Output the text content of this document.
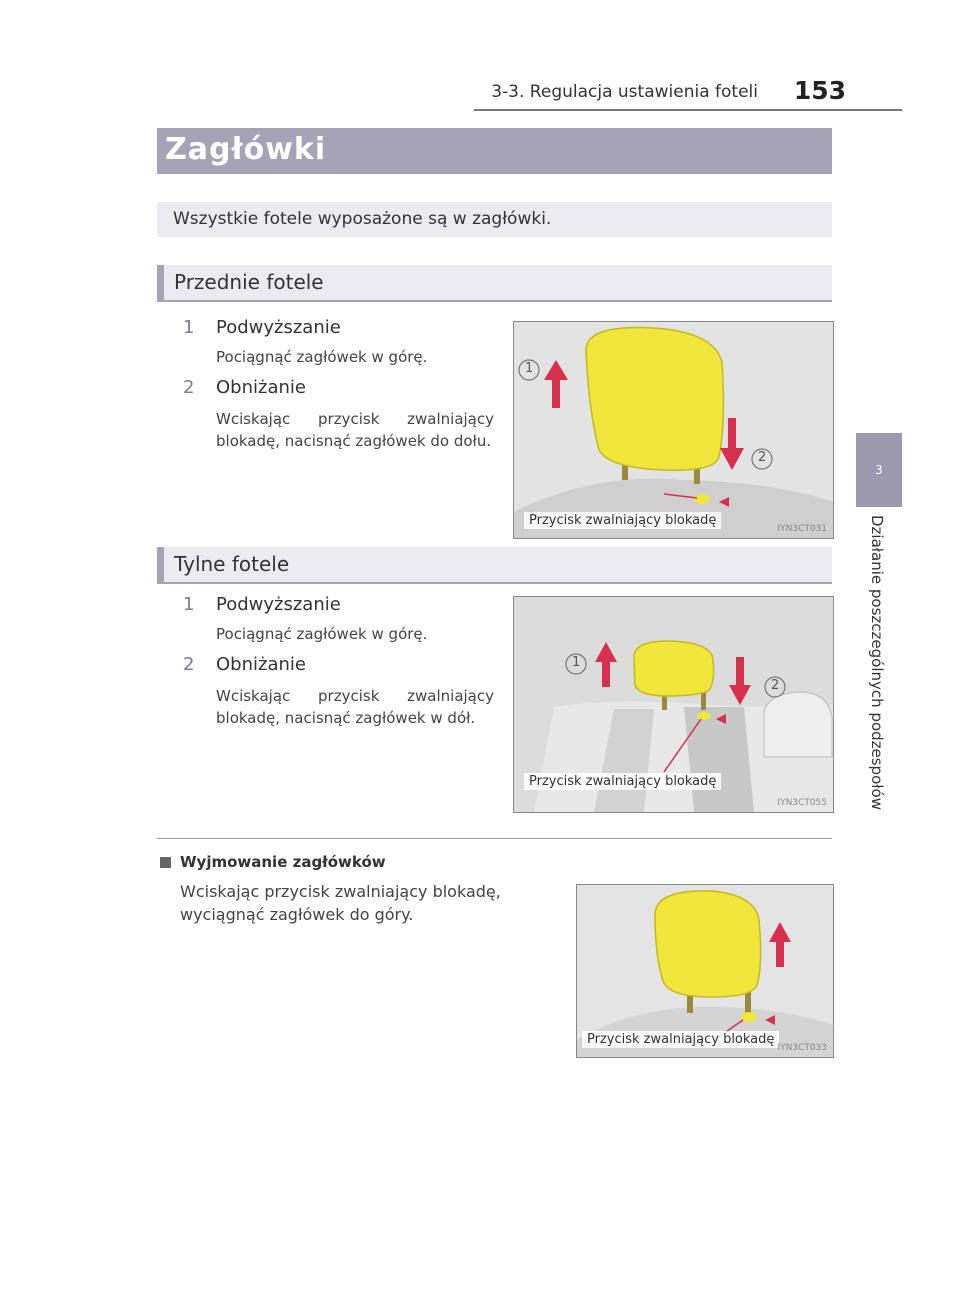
3-3. Regulacja ustawienia foteli 153
3
Działanie poszczególnych podzespołów
Zagłówki
Wszystkie fotele wyposażone są w zagłówki.
Przednie fotele
1 Podwyższanie
Pociągnąć zagłówek w górę.
2 Obniżanie
Wciskając przycisk zwalniający blokadę, nacisnąć zagłówek do dołu.
1
2
Przycisk zwalniający blokadę
IYN3CT031
Tylne fotele
1 Podwyższanie
Pociągnąć zagłówek w górę.
2 Obniżanie
Wciskając przycisk zwalniający blokadę, nacisnąć zagłówek w dół.
1
2
Przycisk zwalniający blokadę
IYN3CT055
Wyjmowanie zagłówków
Wciskając przycisk zwalniający blokadę, wyciągnąć zagłówek do góry.
Przycisk zwalniający blokadę
IYN3CT033
